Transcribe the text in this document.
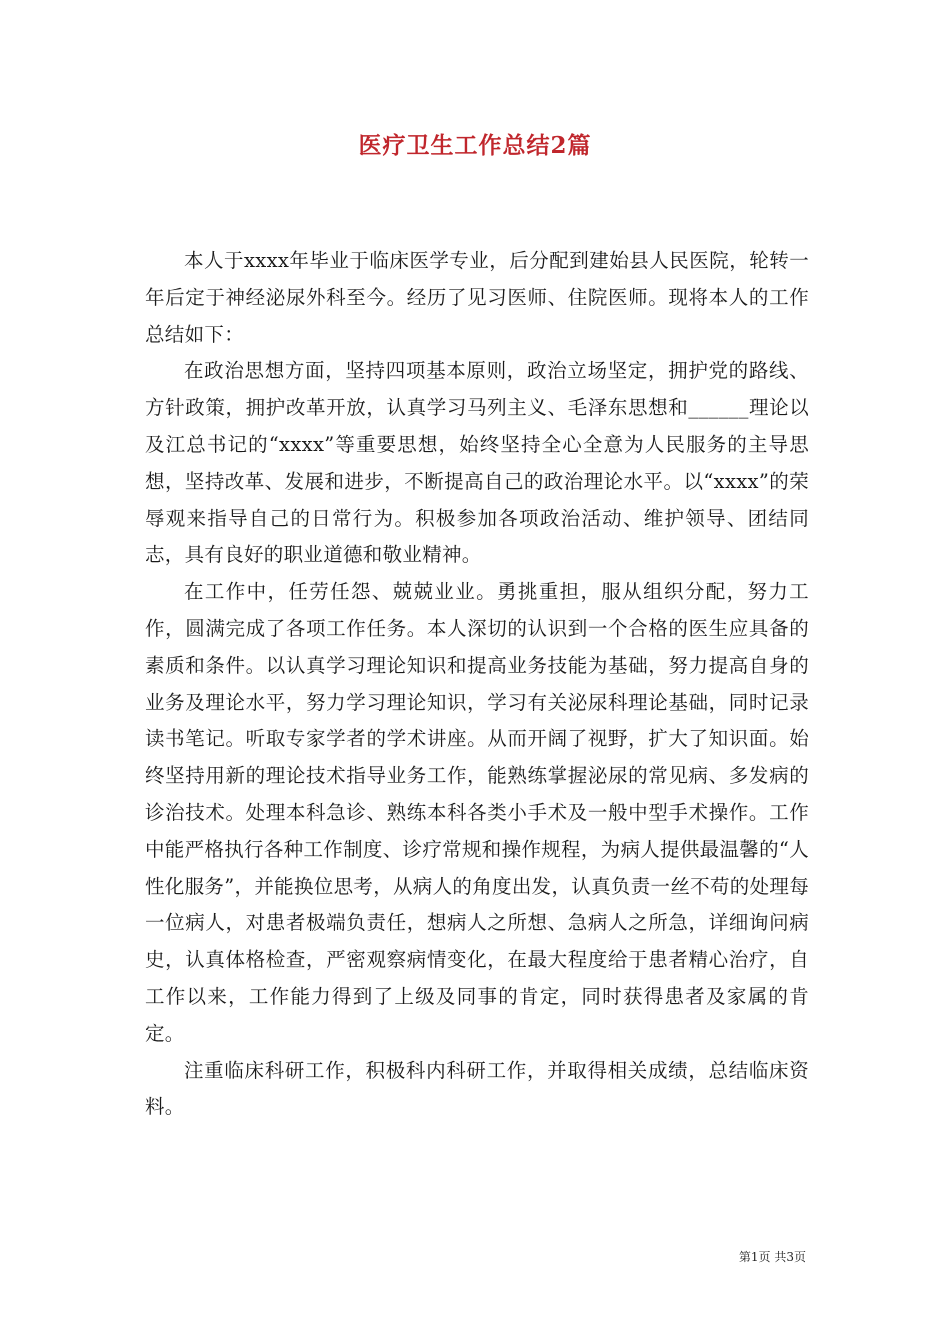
医疗卫生工作总结2篇

本人于xxxx年毕业于临床医学专业，后分配到建始县人民医院，轮转一年后定于神经泌尿外科至今。经历了见习医师、住院医师。现将本人的工作总结如下：

在政治思想方面，坚持四项基本原则，政治立场坚定，拥护党的路线、方针政策，拥护改革开放，认真学习马列主义、毛泽东思想和______理论以及江总书记的“xxxx”等重要思想，始终坚持全心全意为人民服务的主导思想，坚持改革、发展和进步，不断提高自己的政治理论水平。以“xxxx”的荣辱观来指导自己的日常行为。积极参加各项政治活动、维护领导、团结同志，具有良好的职业道德和敬业精神。

在工作中，任劳任怨、兢兢业业。勇挑重担，服从组织分配，努力工作，圆满完成了各项工作任务。本人深切的认识到一个合格的医生应具备的素质和条件。以认真学习理论知识和提高业务技能为基础，努力提高自身的业务及理论水平，努力学习理论知识，学习有关泌尿科理论基础，同时记录读书笔记。听取专家学者的学术讲座。从而开阔了视野，扩大了知识面。始终坚持用新的理论技术指导业务工作，能熟练掌握泌尿的常见病、多发病的诊治技术。处理本科急诊、熟练本科各类小手术及一般中型手术操作。工作中能严格执行各种工作制度、诊疗常规和操作规程，为病人提供最温馨的“人性化服务”，并能换位思考，从病人的角度出发，认真负责一丝不苟的处理每一位病人，对患者极端负责任，想病人之所想、急病人之所急，详细询问病史，认真体格检查，严密观察病情变化，在最大程度给于患者精心治疗，自工作以来，工作能力得到了上级及同事的肯定，同时获得患者及家属的肯定。

注重临床科研工作，积极科内科研工作，并取得相关成绩，总结临床资料。

第1页 共3页
